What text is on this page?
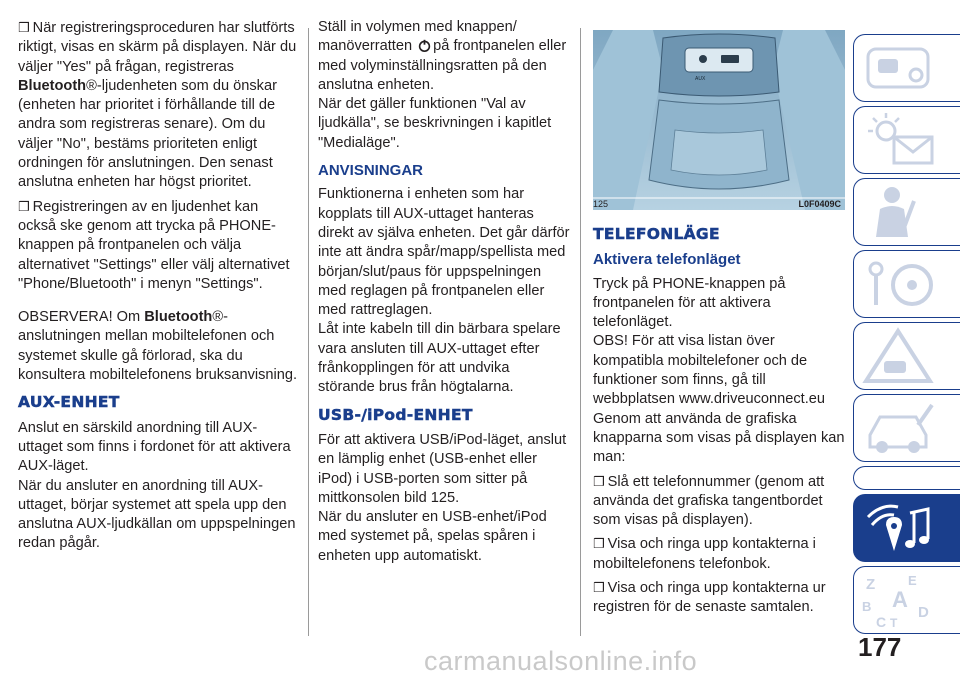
❒ När registreringsproceduren har slutförts riktigt, visas en skärm på displayen. När du väljer "Yes" på frågan, registreras Bluetooth®-ljudenheten som du önskar (enheten har prioritet i förhållande till de andra som registreras senare). Om du väljer "No", bestäms prioriteten enligt ordningen för anslutningen. Den senast anslutna enheten har högst prioritet.

❒ Registreringen av en ljudenhet kan också ske genom att trycka på PHONE-knappen på frontpanelen och välja alternativet "Settings" eller välj alternativet "Phone/Bluetooth" i menyn "Settings".

OBSERVERA! Om Bluetooth®-anslutningen mellan mobiltelefonen och systemet skulle gå förlorad, ska du konsultera mobiltelefonens bruksanvisning.

AUX-ENHET

Anslut en särskild anordning till AUX-uttaget som finns i fordonet för att aktivera AUX-läget.

När du ansluter en anordning till AUX-uttaget, börjar systemet att spela upp den anslutna AUX-ljudkällan om uppspelningen redan pågår.

Ställ in volymen med knappen/ manöverratten på frontpanelen eller med volyminställningsratten på den anslutna enheten.

När det gäller funktionen "Val av ljudkälla", se beskrivningen i kapitlet "Medialäge".

ANVISNINGAR

Funktionerna i enheten som har kopplats till AUX-uttaget hanteras direkt av själva enheten. Det går därför inte att ändra spår/mapp/spellista med början/slut/paus för uppspelningen med reglagen på frontpanelen eller med rattreglagen.

Låt inte kabeln till din bärbara spelare vara ansluten till AUX-uttaget efter frånkopplingen för att undvika störande brus från högtalarna.

USB-/iPod-ENHET

För att aktivera USB/iPod-läget, anslut en lämplig enhet (USB-enhet eller iPod) i USB-porten som sitter på mittkonsolen bild 125.

När du ansluter en USB-enhet/iPod med systemet på, spelas spåren i enheten upp automatiskt.

AUX
125	L0F0409C
TELEFONLÄGE
Aktivera telefonläget

Tryck på PHONE-knappen på frontpanelen för att aktivera telefonläget.

OBS! För att visa listan över kompatibla mobiltelefoner och de funktioner som finns, gå till webbplatsen www.driveuconnect.eu

Genom att använda de grafiska knapparna som visas på displayen kan man:

❒ Slå ett telefonnummer (genom att använda det grafiska tangentbordet som visas på displayen).

❒ Visa och ringa upp kontakterna i mobiltelefonens telefonbok.

❒ Visa och ringa upp kontakterna ur registren för de senaste samtalen.

Z	E
B A
C T
D
177
carmanualsonline.info
